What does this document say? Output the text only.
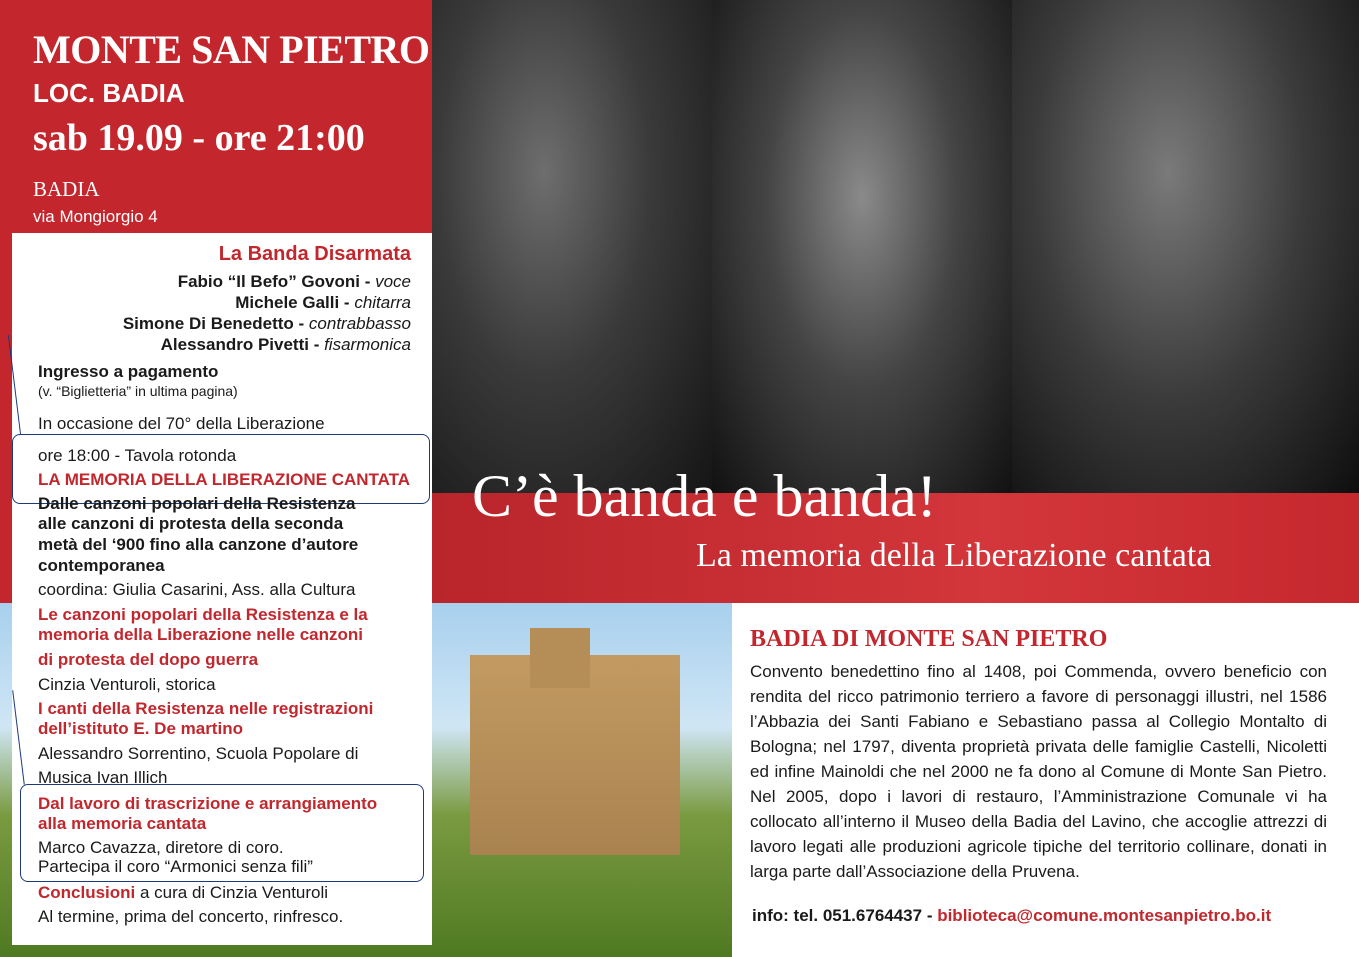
MONTE SAN PIETRO
LOC. BADIA
sab 19.09 - ore 21:00
BADIA
via Mongiorgio 4
C’è banda e banda!
La memoria della Liberazione cantata
La Banda Disarmata
Fabio “Il Befo” Govoni - voce
Michele Galli - chitarra
Simone Di Benedetto - contrabbasso
Alessandro Pivetti - fisarmonica
Ingresso a pagamento
(v. “Biglietteria” in ultima pagina)
In occasione del 70° della Liberazione
ore 18:00 - Tavola rotonda
LA MEMORIA DELLA LIBERAZIONE CANTATA
Dalle canzoni popolari della Resistenza
alle canzoni di protesta della seconda
metà del ‘900 fino alla canzone d’autore
contemporanea
coordina: Giulia Casarini, Ass. alla Cultura
Le canzoni popolari della Resistenza e la
memoria della Liberazione nelle canzoni
di protesta del dopo guerra
Cinzia Venturoli, storica
I canti della Resistenza nelle registrazioni
dell’istituto E. De martino
Alessandro Sorrentino, Scuola Popolare di
Musica Ivan Illich
Dal lavoro di trascrizione e arrangiamento
alla memoria cantata
Marco Cavazza, diretore di coro.
Partecipa il coro “Armonici senza fili”
Conclusioni a cura di Cinzia Venturoli
Al termine, prima del concerto, rinfresco.
BADIA DI MONTE SAN PIETRO
Convento benedettino fino al 1408, poi Commenda, ovvero beneficio con rendita del ricco patrimonio terriero a favore di personaggi illustri, nel 1586 l’Abbazia dei Santi Fabiano e Sebastiano passa al Collegio Montalto di Bologna; nel 1797, diventa proprietà privata delle famiglie Castelli, Nicoletti ed infine Mainoldi che nel 2000 ne fa dono al Comune di Monte San Pietro. Nel 2005, dopo i lavori di restauro, l’Amministrazione Comunale vi ha collocato all’interno il Museo della Badia del Lavino, che accoglie attrezzi di lavoro legati alle produzioni agricole tipiche del territorio collinare, donati in larga parte dall’Associazione della Pruvena.
info: tel. 051.6764437 - biblioteca@comune.montesanpietro.bo.it
